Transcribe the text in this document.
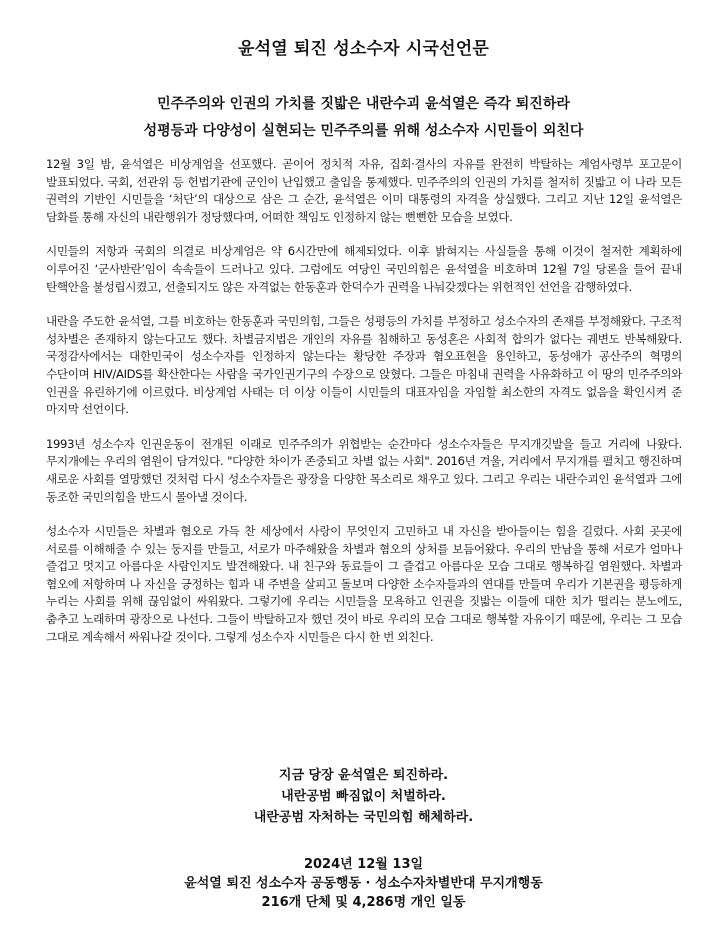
윤석열 퇴진 성소수자 시국선언문
민주주의와 인권의 가치를 짓밟은 내란수괴 윤석열은 즉각 퇴진하라
성평등과 다양성이 실현되는 민주주의를 위해 성소수자 시민들이 외친다

12월 3일 밤, 윤석열은 비상계엄을 선포했다. 곧이어 정치적 자유, 집회·결사의 자유를 완전히 박탈하는 계엄사령부 포고문이 발표되었다. 국회, 선관위 등 헌법기관에 군인이 난입했고 출입을 통제했다. 민주주의의 인권의 가치를 철저히 짓밟고 이 나라 모든 권력의 기반인 시민들을 ‘처단’의 대상으로 삼은 그 순간, 윤석열은 이미 대통령의 자격을 상실했다. 그리고 지난 12일 윤석열은 담화를 통해 자신의 내란행위가 정당했다며, 어떠한 책임도 인정하지 않는 뻔뻔한 모습을 보였다.

시민들의 저항과 국회의 의결로 비상계엄은 약 6시간만에 해제되었다. 이후 밝혀지는 사실들을 통해 이것이 철저한 계획하에 이루어진 ‘군사반란’임이 속속들이 드러나고 있다. 그럼에도 여당인 국민의힘은 윤석열을 비호하며 12월 7일 당론을 들어 끝내 탄핵안을 불성립시켰고, 선출되지도 않은 자격없는 한동훈과 한덕수가 권력을 나눠갖겠다는 위헌적인 선언을 감행하였다.

내란을 주도한 윤석열, 그를 비호하는 한동훈과 국민의힘, 그들은 성평등의 가치를 부정하고 성소수자의 존재를 부정해왔다. 구조적 성차별은 존재하지 않는다고도 했다. 차별금지법은 개인의 자유를 침해하고 동성혼은 사회적 합의가 없다는 궤변도 반복해왔다. 국정감사에서는 대한민국이 성소수자를 인정하지 않는다는 황당한 주장과 혐오표현을 용인하고, 동성애가 공산주의 혁명의 수단이며 HIV/AIDS를 확산한다는 사람을 국가인권기구의 수장으로 앉혔다. 그들은 마침내 권력을 사유화하고 이 땅의 민주주의와 인권을 유린하기에 이르렀다. 비상계엄 사태는 더 이상 이들이 시민들의 대표자임을 자임할 최소한의 자격도 없음을 확인시켜 준 마지막 선언이다.

1993년 성소수자 인권운동이 전개된 이래로 민주주의가 위협받는 순간마다 성소수자들은 무지개깃발을 들고 거리에 나왔다. 무지개에는 우리의 염원이 담겨있다. "다양한 차이가 존중되고 차별 없는 사회". 2016년 겨울, 거리에서 무지개를 펼치고 행진하며 새로운 사회를 열망했던 것처럼 다시 성소수자들은 광장을 다양한 목소리로 채우고 있다. 그리고 우리는 내란수괴인 윤석열과 그에 동조한 국민의힘을 반드시 몰아낼 것이다.

성소수자 시민들은 차별과 혐오로 가득 찬 세상에서 사랑이 무엇인지 고민하고 내 자신을 받아들이는 힘을 길렀다. 사회 곳곳에 서로를 이해해줄 수 있는 둥지를 만들고, 서로가 마주해왔을 차별과 혐오의 상처를 보듬어왔다. 우리의 만남을 통해 서로가 얼마나 즐겁고 멋지고 아름다운 사람인지도 발견해왔다. 내 친구와 동료들이 그 즐겁고 아름다운 모습 그대로 행복하길 염원했다. 차별과 혐오에 저항하며 나 자신을 긍정하는 힘과 내 주변을 살피고 돌보며 다양한 소수자들과의 연대를 만들며 우리가 기본권을 평등하게 누리는 사회를 위해 끊임없이 싸워왔다. 그렇기에 우리는 시민들을 모욕하고 인권을 짓밟는 이들에 대한 치가 떨리는 분노에도, 춤추고 노래하며 광장으로 나선다. 그들이 박탈하고자 했던 것이 바로 우리의 모습 그대로 행복할 자유이기 때문에, 우리는 그 모습 그대로 계속해서 싸워나갈 것이다. 그렇게 성소수자 시민들은 다시 한 번 외친다.

지금 당장 윤석열은 퇴진하라.
내란공범 빠짐없이 처벌하라.
내란공범 자처하는 국민의힘 해체하라.
2024년 12월 13일
윤석열 퇴진 성소수자 공동행동 · 성소수자차별반대 무지개행동
216개 단체 및 4,286명 개인 일동
